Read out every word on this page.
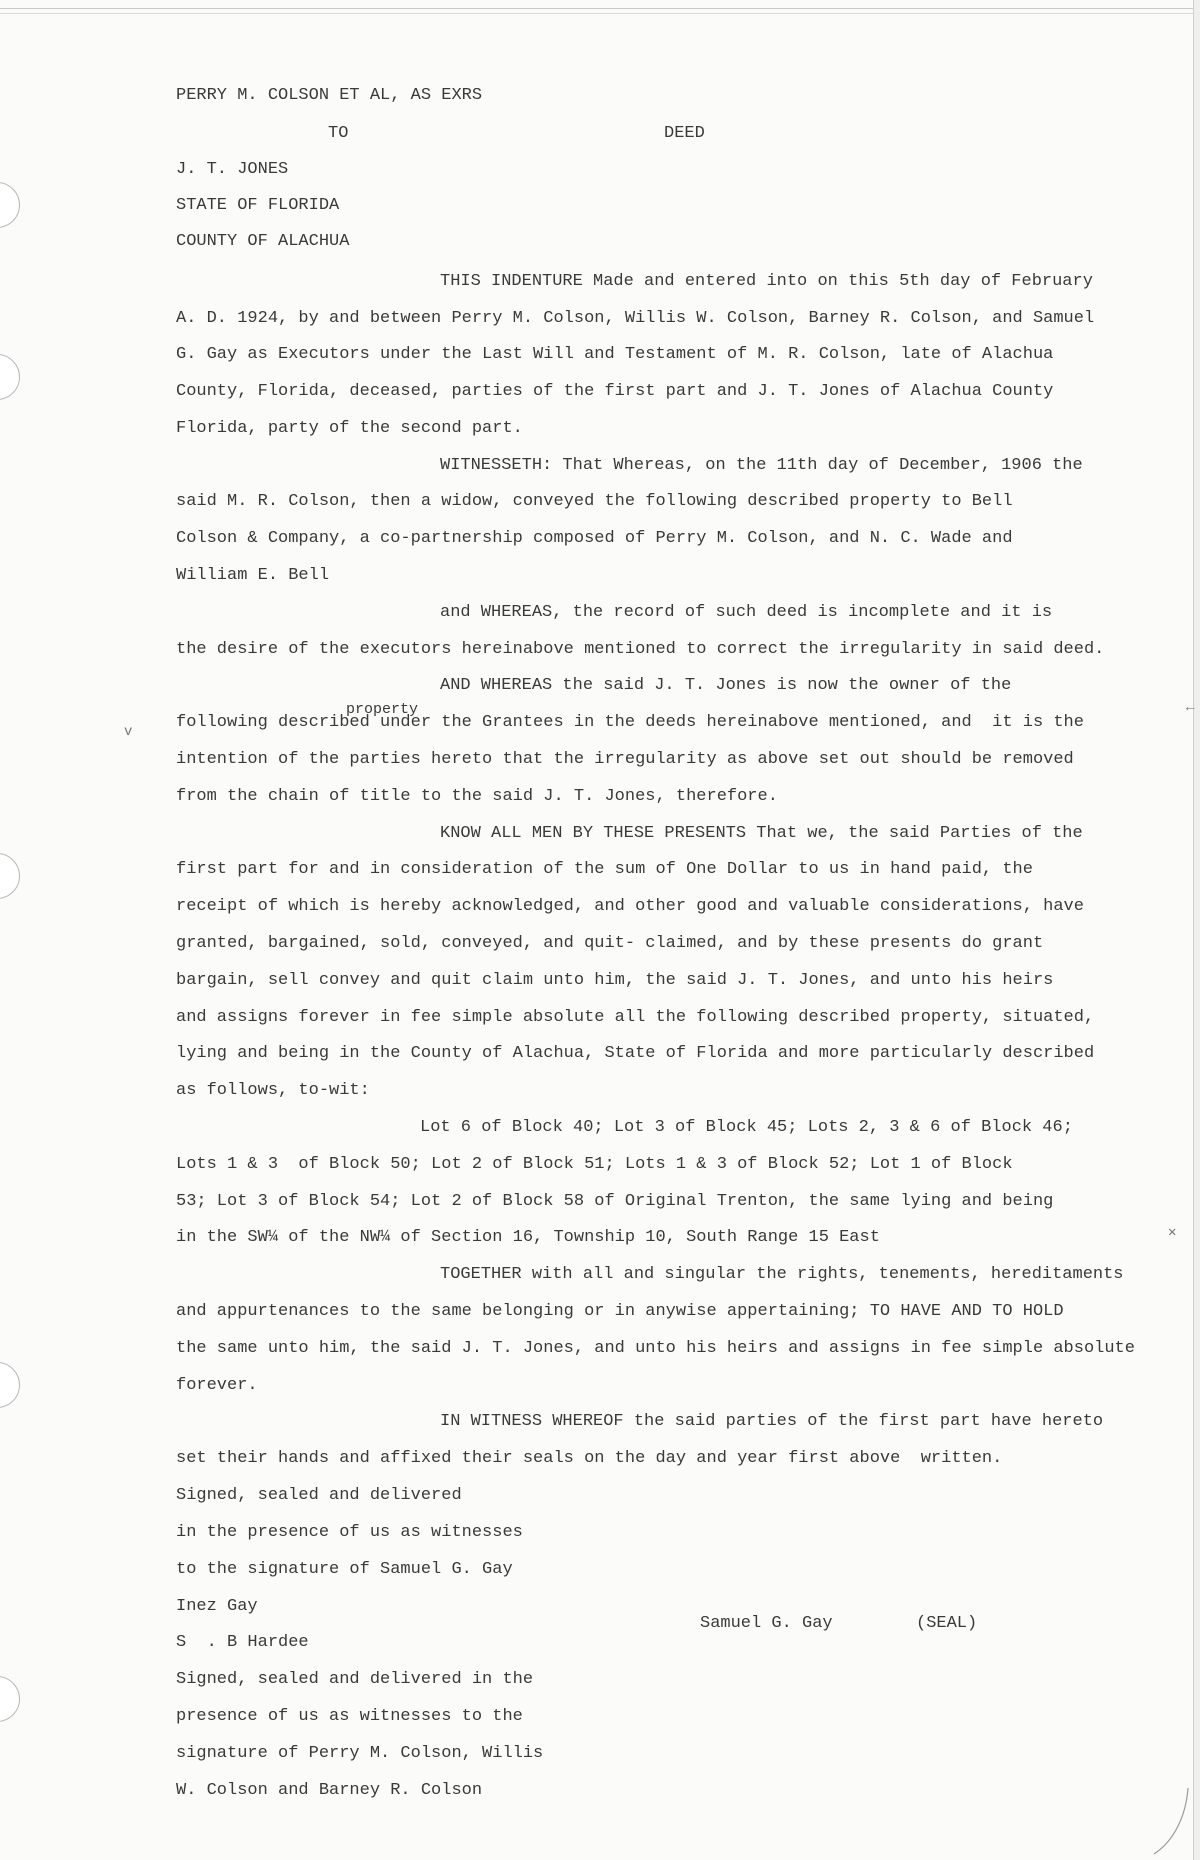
PERRY M. COLSON ET AL, AS EXRS
TO	DEED
J. T. JONES
STATE OF FLORIDA
COUNTY OF ALACHUA
THIS INDENTURE Made and entered into on this 5th day of February
A. D. 1924, by and between Perry M. Colson, Willis W. Colson, Barney R. Colson, and Samuel
G. Gay as Executors under the Last Will and Testament of M. R. Colson, late of Alachua
County, Florida, deceased, parties of the first part and J. T. Jones of Alachua County
Florida, party of the second part.
WITNESSETH: That Whereas, on the 11th day of December, 1906 the
said M. R. Colson, then a widow, conveyed the following described property to Bell
Colson & Company, a co-partnership composed of Perry M. Colson, and N. C. Wade and
William E. Bell
and WHEREAS, the record of such deed is incomplete and it is
the desire of the executors hereinabove mentioned to correct the irregularity in said deed.
AND WHEREAS the said J. T. Jones is now the owner of the
property
following described under the Grantees in the deeds hereinabove mentioned, and  it is the
intention of the parties hereto that the irregularity as above set out should be removed
from the chain of title to the said J. T. Jones, therefore.
KNOW ALL MEN BY THESE PRESENTS That we, the said Parties of the
first part for and in consideration of the sum of One Dollar to us in hand paid, the
receipt of which is hereby acknowledged, and other good and valuable considerations, have
granted, bargained, sold, conveyed, and quit- claimed, and by these presents do grant
bargain, sell convey and quit claim unto him, the said J. T. Jones, and unto his heirs
and assigns forever in fee simple absolute all the following described property, situated,
lying and being in the County of Alachua, State of Florida and more particularly described
as follows, to-wit:
Lot 6 of Block 40; Lot 3 of Block 45; Lots 2, 3 & 6 of Block 46;
Lots 1 & 3  of Block 50; Lot 2 of Block 51; Lots 1 & 3 of Block 52; Lot 1 of Block
53; Lot 3 of Block 54; Lot 2 of Block 58 of Original Trenton, the same lying and being
in the SW¼ of the NW¼ of Section 16, Township 10, South Range 15 East
TOGETHER with all and singular the rights, tenements, hereditaments
and appurtenances to the same belonging or in anywise appertaining; TO HAVE AND TO HOLD
the same unto him, the said J. T. Jones, and unto his heirs and assigns in fee simple absolute
forever.
IN WITNESS WHEREOF the said parties of the first part have hereto
set their hands and affixed their seals on the day and year first above  written.
Signed, sealed and delivered
in the presence of us as witnesses
to the signature of Samuel G. Gay
Inez Gay
S  . B Hardee
Signed, sealed and delivered in the
presence of us as witnesses to the
signature of Perry M. Colson, Willis
W. Colson and Barney R. Colson
Samuel G. Gay	(SEAL)
v
←
✕
